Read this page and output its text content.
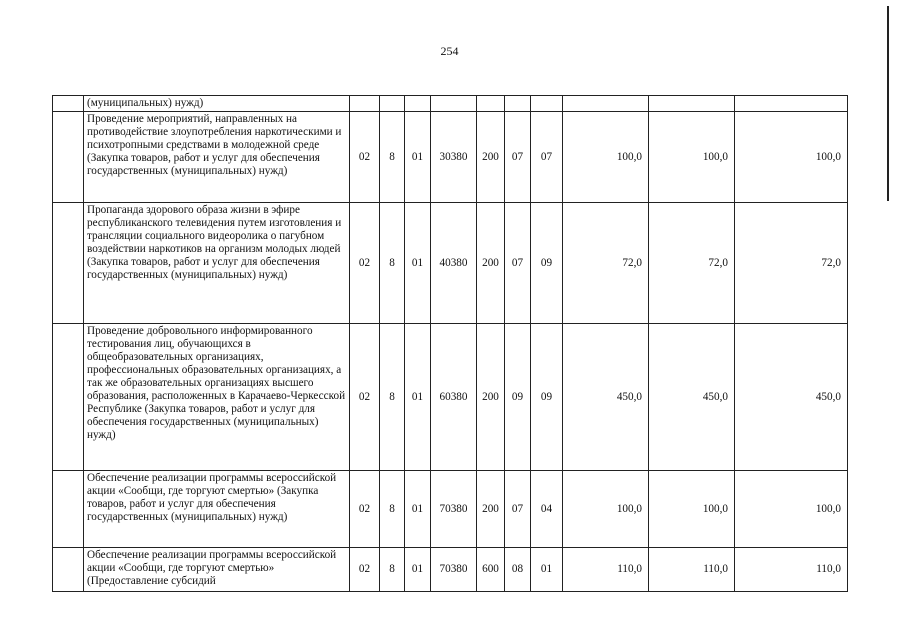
254
	(муниципальных) нужд)										
	Проведение мероприятий, направленных на противодействие злоупотребления наркотическими и психотропными средствами в молодежной среде (Закупка товаров, работ и услуг для обеспечения государственных (муниципальных) нужд)	02	8	01	30380	200	07	07	100,0	100,0	100,0
	Пропаганда здорового образа жизни в эфире республиканского телевидения путем изготовления и трансляции социального видеоролика о пагубном воздействии наркотиков на организм молодых людей (Закупка товаров, работ и услуг для обеспечения государственных (муниципальных) нужд)	02	8	01	40380	200	07	09	72,0	72,0	72,0
	Проведение добровольного информированного тестирования лиц, обучающихся в общеобразовательных организациях, профессиональных образовательных организациях, а так же образовательных организациях высшего образования, расположенных в Карачаево-Черкесской Республике (Закупка товаров, работ и услуг для обеспечения государственных (муниципальных) нужд)	02	8	01	60380	200	09	09	450,0	450,0	450,0
	Обеспечение реализации программы всероссийской акции «Сообщи, где торгуют смертью» (Закупка товаров, работ и услуг для обеспечения государственных (муниципальных) нужд)	02	8	01	70380	200	07	04	100,0	100,0	100,0
	Обеспечение реализации программы всероссийской акции «Сообщи, где торгуют смертью» (Предоставление субсидий	02	8	01	70380	600	08	01	110,0	110,0	110,0
